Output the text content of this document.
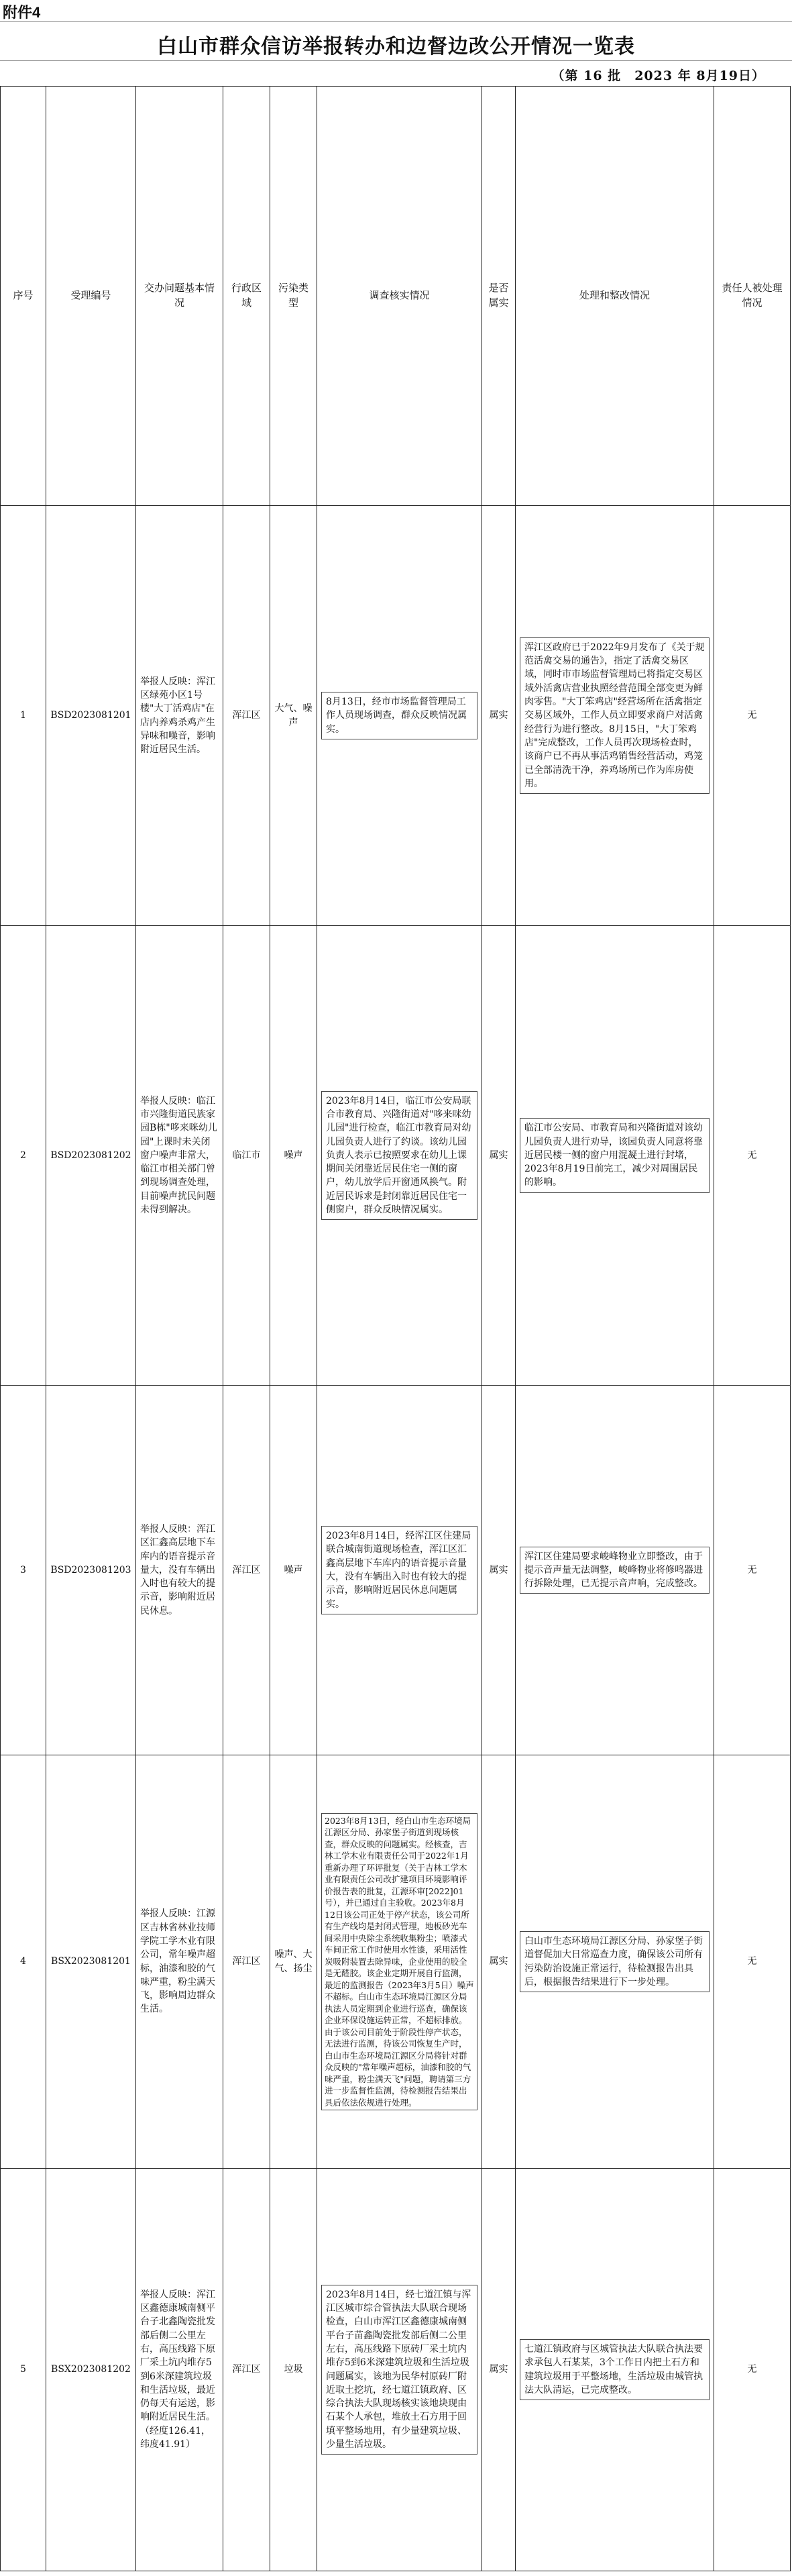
附件4
白山市群众信访举报转办和边督边改公开情况一览表
（第 16 批　2023 年 8月19日）
序号	受理编号	交办问题基本情况	行政区域	污染类型	调查核实情况	是否属实	处理和整改情况	责任人被处理情况
1	BSD2023081201	举报人反映：浑江区绿苑小区1号楼"大丁活鸡店"在店内养鸡杀鸡产生异味和噪音，影响附近居民生活。	浑江区	大气、噪声	8月13日，经市市场监督管理局工作人员现场调查，群众反映情况属实。	属实	浑江区政府已于2022年9月发布了《关于规范活禽交易的通告》，指定了活禽交易区域，同时市市场监督管理局已将指定交易区域外活禽店营业执照经营范围全部变更为鲜肉零售。"大丁笨鸡店"经营场所在活禽指定交易区域外，工作人员立即要求商户对活禽经营行为进行整改。8月15日，"大丁笨鸡店"完成整改，工作人员再次现场检查时，该商户已不再从事活鸡销售经营活动，鸡笼已全部清洗干净，养鸡场所已作为库房使用。	无
2	BSD2023081202	举报人反映：临江市兴隆街道民族家园B栋"哆来咪幼儿园"上课时未关闭窗户噪声非常大，临江市相关部门曾到现场调查处理，目前噪声扰民问题未得到解决。	临江市	噪声	2023年8月14日，临江市公安局联合市教育局、兴隆街道对"哆来咪幼儿园"进行检查，临江市教育局对幼儿园负责人进行了约谈。该幼儿园负责人表示已按照要求在幼儿上课期间关闭靠近居民住宅一侧的窗户，幼儿放学后开窗通风换气。附近居民诉求是封闭靠近居民住宅一侧窗户，群众反映情况属实。	属实	临江市公安局、市教育局和兴隆街道对该幼儿园负责人进行劝导，该园负责人同意将靠近居民楼一侧的窗户用混凝土进行封堵，2023年8月19日前完工，减少对周围居民的影响。	无
3	BSD2023081203	举报人反映：浑江区汇鑫高层地下车库内的语音提示音量大，没有车辆出入时也有较大的提示音，影响附近居民休息。	浑江区	噪声	2023年8月14日，经浑江区住建局联合城南街道现场检查，浑江区汇鑫高层地下车库内的语音提示音量大，没有车辆出入时也有较大的提示音，影响附近居民休息问题属实。	属实	浑江区住建局要求峻峰物业立即整改，由于提示音声量无法调整，峻峰物业将修鸣器进行拆除处理，已无提示音声响，完成整改。	无
4	BSX2023081201	举报人反映：江源区吉林省林业技师学院工学木业有限公司，常年噪声超标，油漆和胶的气味严重，粉尘满天飞，影响周边群众生活。	浑江区	噪声、大气、扬尘	2023年8月13日，经白山市生态环境局江源区分局、孙家堡子街道到现场核查，群众反映的问题属实。经核查，吉林工学木业有限责任公司于2022年1月重新办理了环评批复（关于吉林工学木业有限责任公司改扩建项目环境影响评价报告表的批复，江源环审[2022]01号），并已通过自主验收。2023年8月12日该公司正处于停产状态，该公司所有生产线均是封闭式管理，地板砂光车间采用中央除尘系统收集粉尘；喷漆式车间正常工作时使用水性漆，采用活性炭吸附装置去除异味，企业使用的胶全是无醛胶。该企业定期开展自行监测，最近的监测报告（2023年3月5日）噪声不超标。白山市生态环境局江源区分局执法人员定期到企业进行巡查，确保该企业环保设施运转正常，不超标排放。由于该公司目前处于阶段性停产状态，无法进行监测，待该公司恢复生产时，白山市生态环境局江源区分局将针对群众反映的"常年噪声超标，油漆和胶的气味严重，粉尘满天飞"问题，聘请第三方进一步监督性监测，待检测报告结果出具后依法依规进行处理。	属实	白山市生态环境局江源区分局、孙家堡子街道督促加大日常巡查力度，确保该公司所有污染防治设施正常运行，待检测报告出具后，根据报告结果进行下一步处理。	无
5	BSX2023081202	举报人反映：浑江区鑫德康城南侧平台子北鑫陶瓷批发部后侧二公里左右，高压线路下原厂采土坑内堆存5到6米深建筑垃圾和生活垃圾，最近仍每天有运送，影响附近居民生活。（经度126.41，纬度41.91）	浑江区	垃圾	2023年8月14日，经七道江镇与浑江区城市综合管执法大队联合现场检查，白山市浑江区鑫德康城南侧平台子苗鑫陶瓷批发部后侧二公里左右，高压线路下原砖厂采土坑内堆存5到6米深建筑垃圾和生活垃圾问题属实，该地为民华村原砖厂附近取土挖坑，经七道江镇政府、区综合执法大队现场核实该地块现由石某个人承包，堆放土石方用于回填平整场地用，有少量建筑垃圾、少量生活垃圾。	属实	七道江镇政府与区城管执法大队联合执法要求承包人石某某，3个工作日内把土石方和建筑垃圾用于平整场地，生活垃圾由城管执法大队清运，已完成整改。	无
